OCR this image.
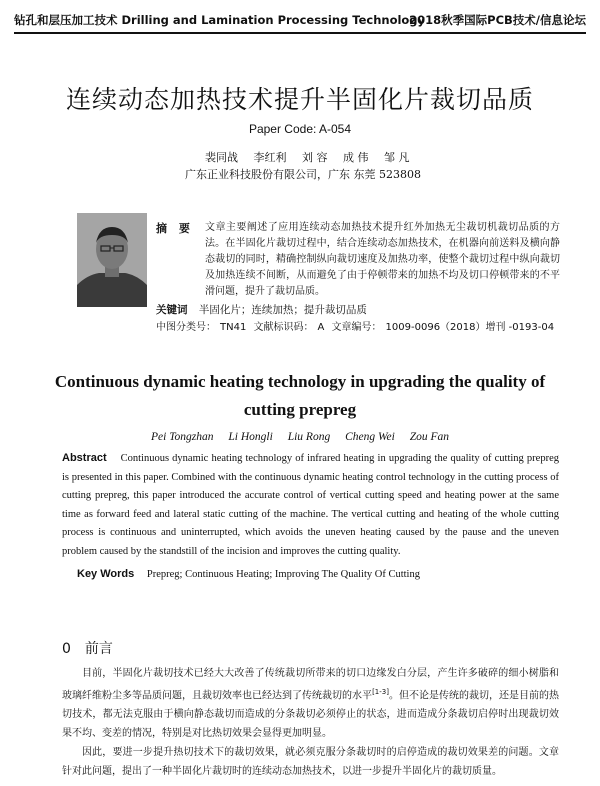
钻孔和层压加工技术 Drilling and Lamination Processing Technology
2018秋季国际PCB技术/信息论坛
连续动态加热技术提升半固化片裁切品质
Paper Code: A-054
裴同战 李红利 刘 容 成 伟 邹 凡
广东正业科技股份有限公司，广东 东莞 523808
摘 要 文章主要阐述了应用连续动态加热技术提升红外加热无尘裁切机裁切品质的方法。在半固化片裁切过程中，结合连续动态加热技术，在机器向前送料及横向静态裁切的同时，精确控制纵向裁切速度及加热功率，使整个裁切过程中纵向裁切及加热连续不间断，从而避免了由于停顿带来的加热不均及切口停顿带来的不平滑问题，提升了裁切品质。
关键词 半固化片；连续加热；提升裁切品质
中图分类号： TN41 文献标识码： A 文章编号： 1009-0096（2018）增刊 -0193-04
Continuous dynamic heating technology in upgrading the quality of cutting prepreg
Pei Tongzhan Li Hongli Liu Rong Cheng Wei Zou Fan
Abstract Continuous dynamic heating technology of infrared heating in upgrading the quality of cutting prepreg is presented in this paper. Combined with the continuous dynamic heating control technology in the cutting process of cutting prepreg, this paper introduced the accurate control of vertical cutting speed and heating power at the same time as forward feed and lateral static cutting of the machine. The vertical cutting and heating of the whole cutting process is continuous and uninterrupted, which avoids the uneven heating caused by the pause and the uneven problem caused by the standstill of the incision and improves the cutting quality.
Key Words Prepreg; Continuous Heating; Improving The Quality Of Cutting
0 前言

目前，半固化片裁切技术已经大大改善了传统裁切所带来的切口边缘发白分层，产生许多破碎的细小树脂和玻璃纤维粉尘多等品质问题，且裁切效率也已经达到了传统裁切的水平[1-3]。但不论是传统的裁切，还是目前的热切技术，都无法克服由于横向静态裁切而造成的分条裁切必须停止的状态，进而造成分条裁切启停时出现裁切效果不均、变差的情况，特别是对比热切效果会显得更加明显。

因此，要进一步提升热切技术下的裁切效果，就必须克服分条裁切时的启停造成的裁切效果差的问题。文章针对此问题，提出了一种半固化片裁切时的连续动态加热技术，以进一步提升半固化片的裁切质量。
